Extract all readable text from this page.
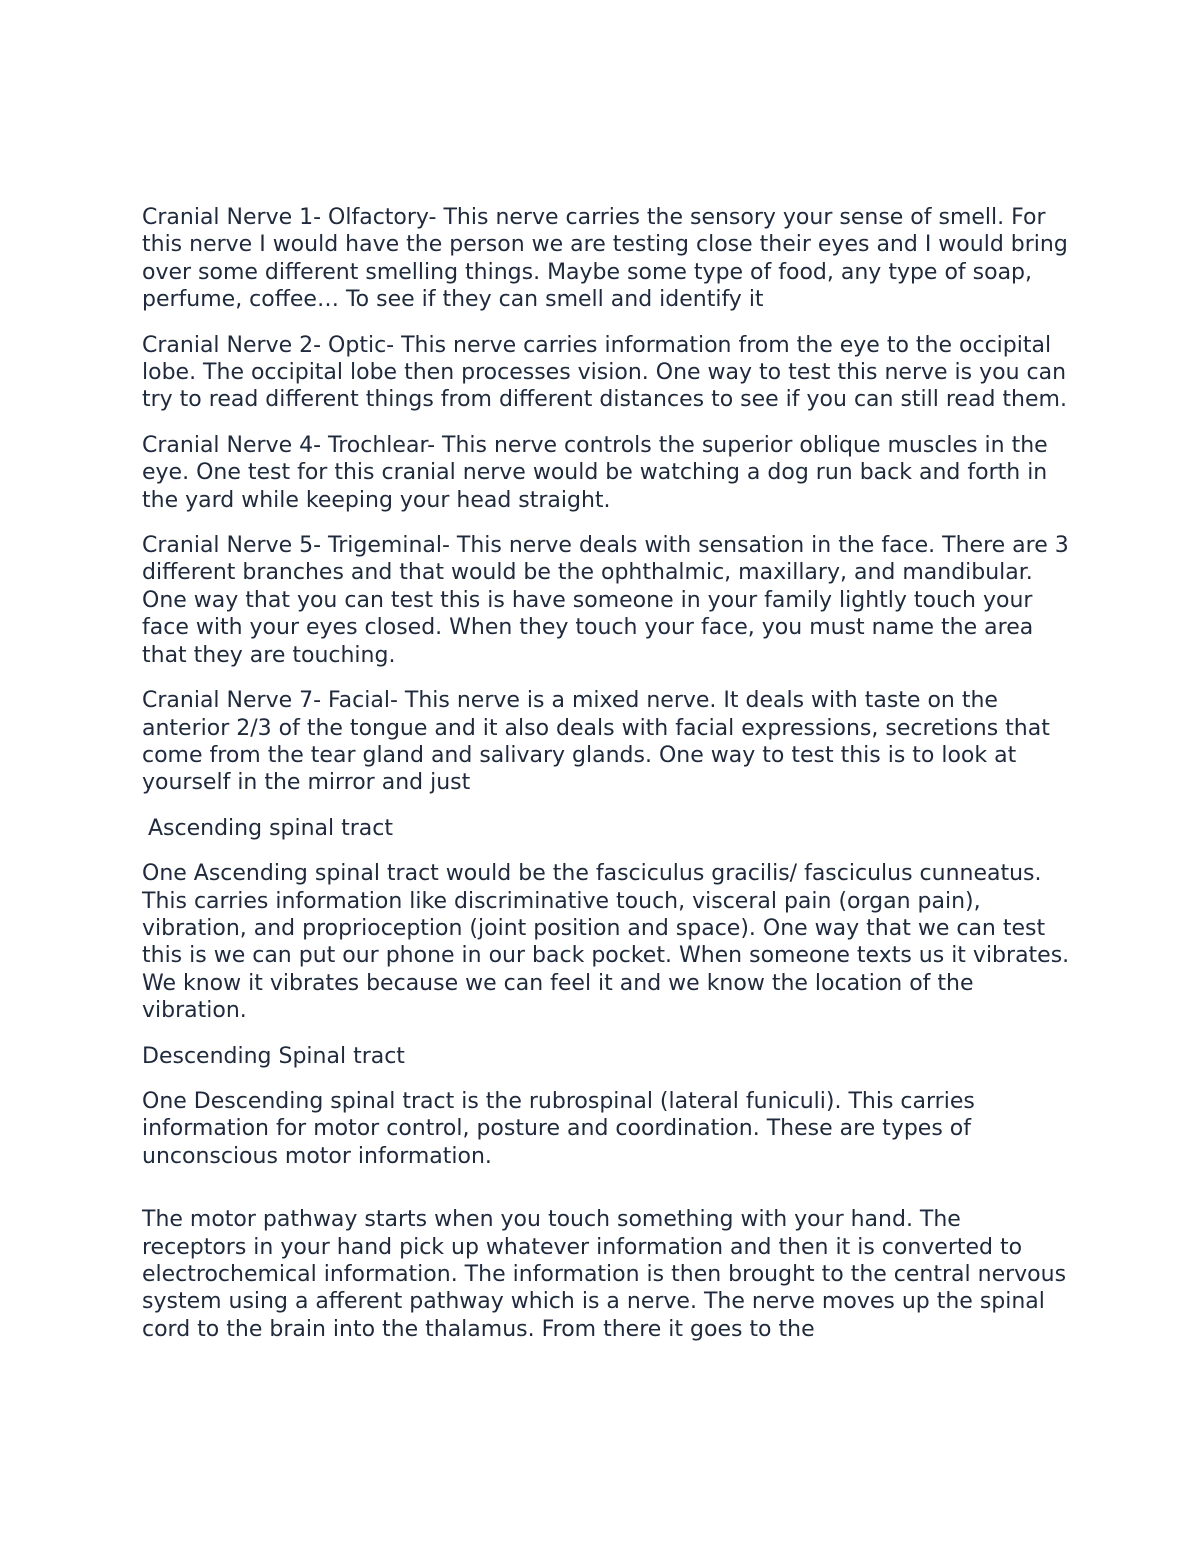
Cranial Nerve 1- Olfactory- This nerve carries the sensory your sense of smell. For this nerve I would have the person we are testing close their eyes and I would bring over some different smelling things. Maybe some type of food, any type of soap, perfume, coffee… To see if they can smell and identify it

Cranial Nerve 2- Optic- This nerve carries information from the eye to the occipital lobe. The occipital lobe then processes vision. One way to test this nerve is you can try to read different things from different distances to see if you can still read them.

Cranial Nerve 4- Trochlear- This nerve controls the superior oblique muscles in the eye. One test for this cranial nerve would be watching a dog run back and forth in the yard while keeping your head straight.

Cranial Nerve 5- Trigeminal- This nerve deals with sensation in the face. There are 3 different branches and that would be the ophthalmic, maxillary, and mandibular. One way that you can test this is have someone in your family lightly touch your face with your eyes closed. When they touch your face, you must name the area that they are touching.

Cranial Nerve 7- Facial- This nerve is a mixed nerve. It deals with taste on the anterior 2/3 of the tongue and it also deals with facial expressions, secretions that come from the tear gland and salivary glands. One way to test this is to look at yourself in the mirror and just

Ascending spinal tract

One Ascending spinal tract would be the fasciculus gracilis/ fasciculus cunneatus. This carries information like discriminative touch, visceral pain (organ pain), vibration, and proprioception (joint position and space). One way that we can test this is we can put our phone in our back pocket. When someone texts us it vibrates. We know it vibrates because we can feel it and we know the location of the vibration.

Descending Spinal tract

One Descending spinal tract is the rubrospinal (lateral funiculi). This carries information for motor control, posture and coordination. These are types of unconscious motor information.

The motor pathway starts when you touch something with your hand. The receptors in your hand pick up whatever information and then it is converted to electrochemical information. The information is then brought to the central nervous system using a afferent pathway which is a nerve. The nerve moves up the spinal cord to the brain into the thalamus. From there it goes to the
